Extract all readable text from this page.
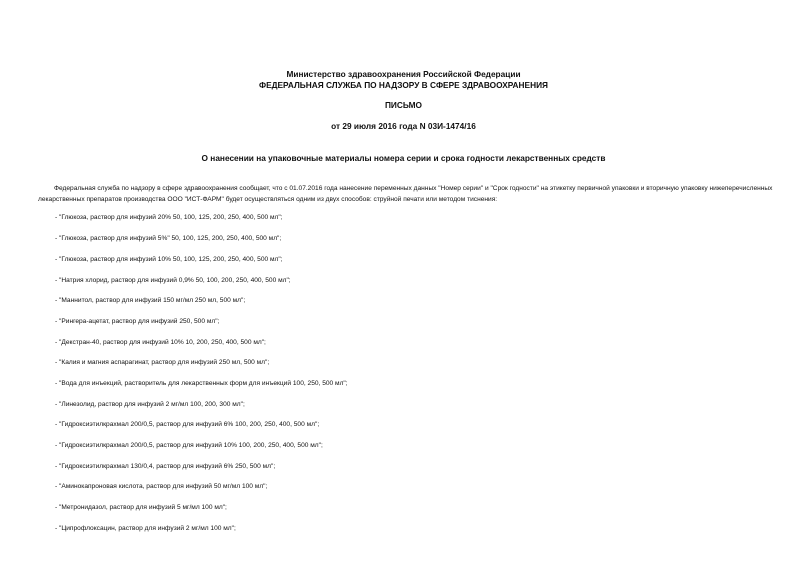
Министерство здравоохранения Российской Федерации
ФЕДЕРАЛЬНАЯ СЛУЖБА ПО НАДЗОРУ В СФЕРЕ ЗДРАВООХРАНЕНИЯ
ПИСЬМО
от 29 июля 2016 года N 03И-1474/16
О нанесении на упаковочные материалы номера серии и срока годности лекарственных средств

Федеральная служба по надзору в сфере здравоохранения сообщает, что с 01.07.2016 года нанесение переменных данных "Номер серии" и "Срок годности" на этикетку первичной упаковки и вторичную упаковку нижеперечисленных лекарственных препаратов производства ООО "ИСТ-ФАРМ" будет осуществляться одним из двух способов: струйной печати или методом тиснения:

- "Глюкоза, раствор для инфузий 20% 50, 100, 125, 200, 250, 400, 500 мл";
- "Глюкоза, раствор для инфузий 5%" 50, 100, 125, 200, 250, 400, 500 мл";
- "Глюкоза, раствор для инфузий 10% 50, 100, 125, 200, 250, 400, 500 мл";
- "Натрия хлорид, раствор для инфузий 0,9% 50, 100, 200, 250, 400, 500 мл";
- "Маннитол, раствор для инфузий 150 мг/мл 250 мл, 500 мл";
- "Рингера-ацетат, раствор для инфузий 250, 500 мл";
- "Декстран-40, раствор для инфузий 10% 10, 200, 250, 400, 500 мл";
- "Калия и магния аспарагинат, раствор для инфузий 250 мл, 500 мл";
- "Вода для инъекций, растворитель для лекарственных форм для инъекций 100, 250, 500 мл";
- "Линезолид, раствор для инфузий 2 мг/мл 100, 200, 300 мл";
- "Гидроксиэтилкрахмал 200/0,5, раствор для инфузий 6% 100, 200, 250, 400, 500 мл";
- "Гидроксиэтилкрахмал 200/0,5, раствор для инфузий 10% 100, 200, 250, 400, 500 мл";
- "Гидроксиэтилкрахмал 130/0,4, раствор для инфузий 6% 250, 500 мл";
- "Аминокапроновая кислота, раствор для инфузий 50 мг/мл 100 мл";
- "Метронидазол, раствор для инфузий 5 мг/мл 100 мл";
- "Ципрофлоксацин, раствор для инфузий 2 мг/мл 100 мл";
